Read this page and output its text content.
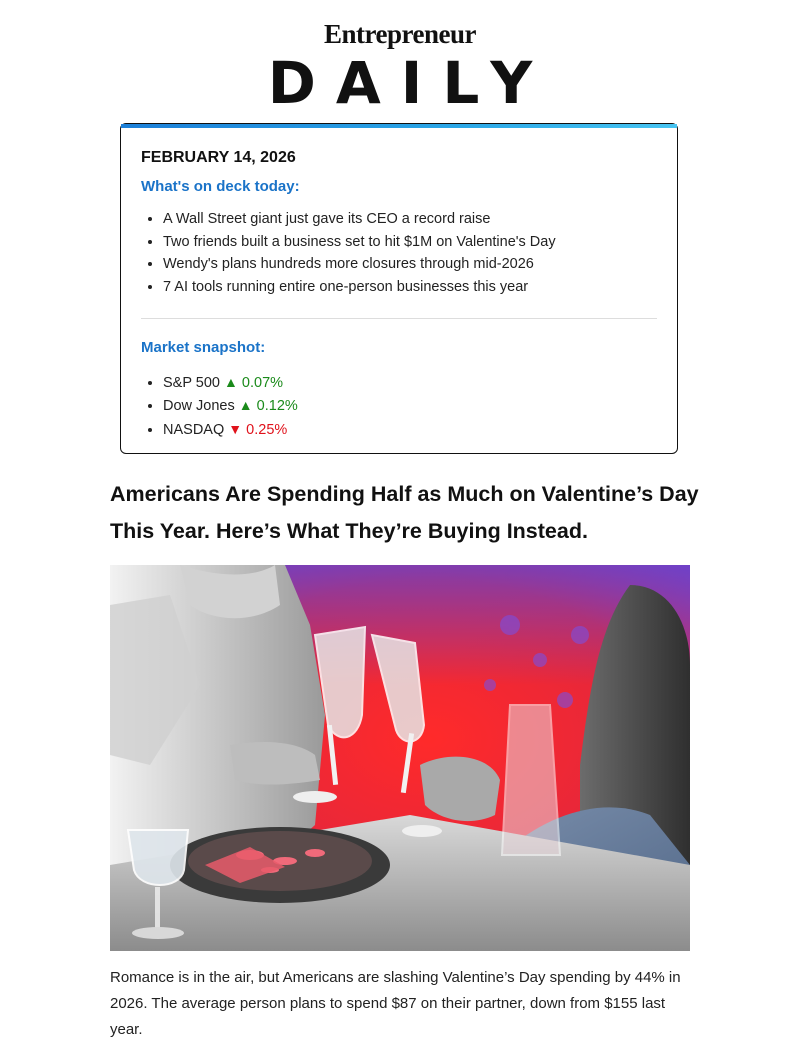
Entrepreneur
DAILY
FEBRUARY 14, 2026
What's on deck today:
• A Wall Street giant just gave its CEO a record raise
• Two friends built a business set to hit $1M on Valentine's Day
• Wendy's plans hundreds more closures through mid-2026
• 7 AI tools running entire one-person businesses this year
Market snapshot:
• S&P 500 ▲ 0.07%
• Dow Jones ▲ 0.12%
• NASDAQ ▼ 0.25%
Americans Are Spending Half as Much on Valentine’s Day This Year. Here’s What They’re Buying Instead.

Romance is in the air, but Americans are slashing Valentine’s Day spending by 44% in 2026. The average person plans to spend $87 on their partner, down from $155 last year.
